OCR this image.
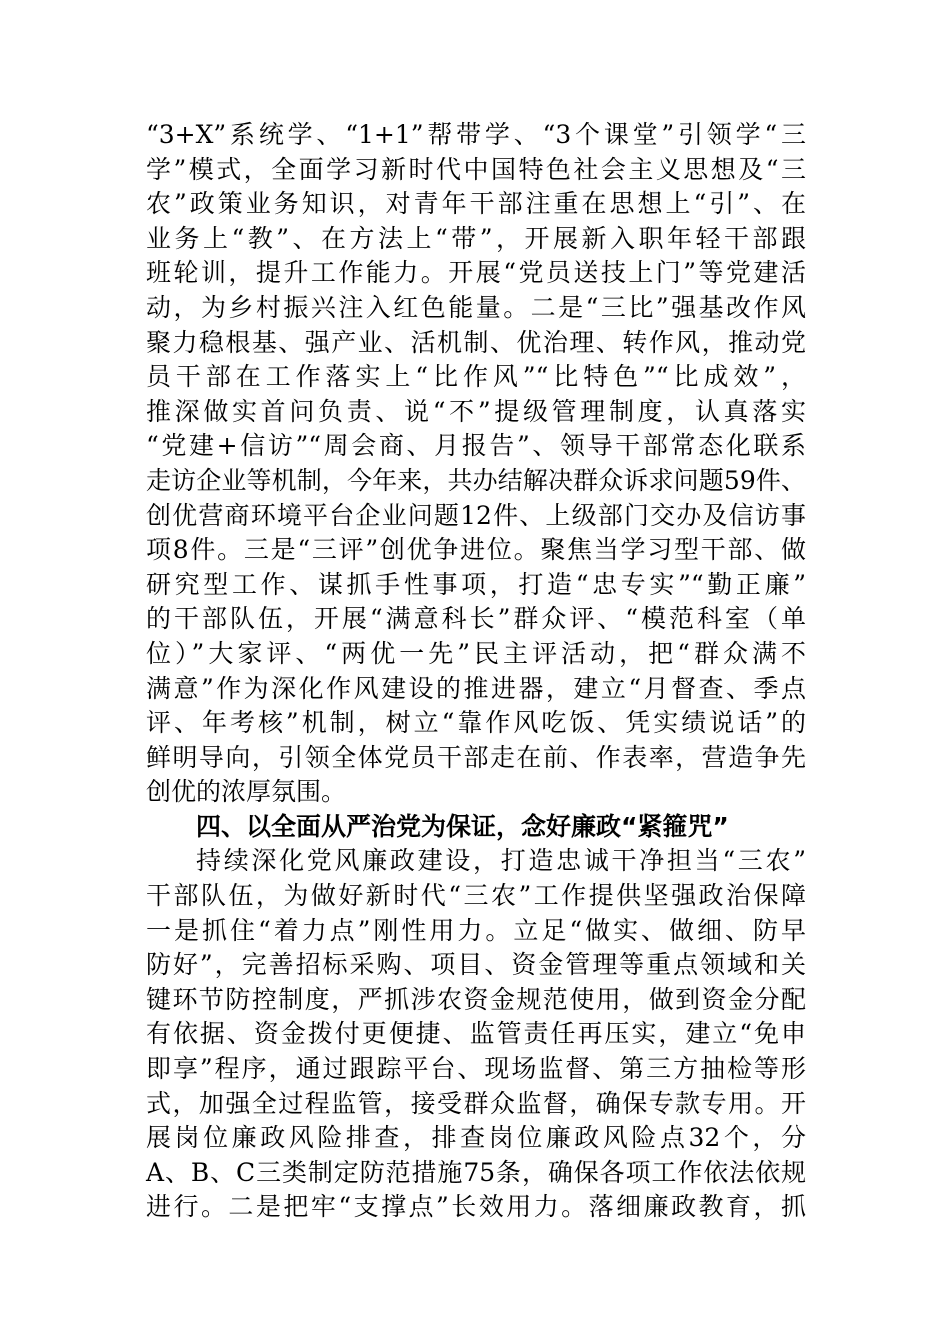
“3+X”系统学、“1+1”帮带学、“3个课堂”引领学“三
学”模式，全面学习新时代中国特色社会主义思想及“三
农”政策业务知识，对青年干部注重在思想上“引”、在
业务上“教”、在方法上“带”，开展新入职年轻干部跟
班轮训，提升工作能力。开展“党员送技上门”等党建活
动，为乡村振兴注入红色能量。二是“三比”强基改作风
聚力稳根基、强产业、活机制、优治理、转作风，推动党
员干部在工作落实上“比作风”“比特色”“比成效”，
推深做实首问负责、说“不”提级管理制度，认真落实
“党建+信访”“周会商、月报告”、领导干部常态化联系
走访企业等机制，今年来，共办结解决群众诉求问题59件、
创优营商环境平台企业问题12件、上级部门交办及信访事
项8件。三是“三评”创优争进位。聚焦当学习型干部、做
研究型工作、谋抓手性事项，打造“忠专实”“勤正廉”
的干部队伍，开展“满意科长”群众评、“模范科室（单
位）”大家评、“两优一先”民主评活动，把“群众满不
满意”作为深化作风建设的推进器，建立“月督查、季点
评、年考核”机制，树立“靠作风吃饭、凭实绩说话”的
鲜明导向，引领全体党员干部走在前、作表率，营造争先
创优的浓厚氛围。
四、以全面从严治党为保证，念好廉政“紧箍咒”
持续深化党风廉政建设，打造忠诚干净担当“三农”
干部队伍，为做好新时代“三农”工作提供坚强政治保障
一是抓住“着力点”刚性用力。立足“做实、做细、防早
防好”，完善招标采购、项目、资金管理等重点领域和关
键环节防控制度，严抓涉农资金规范使用，做到资金分配
有依据、资金拨付更便捷、监管责任再压实，建立“免申
即享”程序，通过跟踪平台、现场监督、第三方抽检等形
式，加强全过程监管，接受群众监督，确保专款专用。开
展岗位廉政风险排查，排查岗位廉政风险点32个，分
A、B、C三类制定防范措施75条，确保各项工作依法依规
进行。二是把牢“支撑点”长效用力。落细廉政教育，抓
